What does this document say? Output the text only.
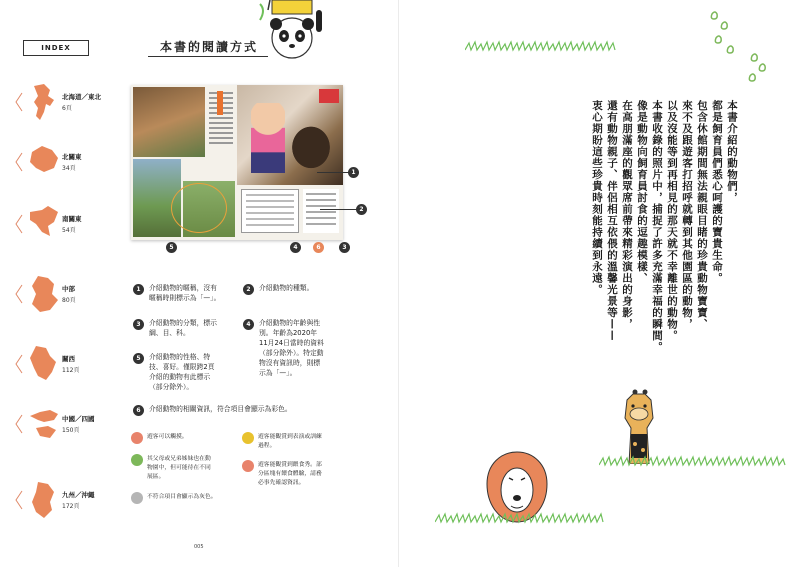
INDEX	本書的閱讀方式
北海道／東北
6頁
北關東
34頁
南關東
54頁
中部
80頁
關西
112頁
中國／四國
150頁
九州／沖繩
172頁
1
2
5	4	6	3
1	介紹動物的暱稱，沒有
暱稱時則標示為「—」。
2	介紹動物的種類。
3	介紹動物的分類，標示
綱、目、科。
4	介紹動物的年齡與性
別。年齡為2020年
11月24日當時的資料
（部分除外）。特定動
物沒有資訊時，則標
示為「—」。
5	介紹動物的性格、特
技、喜好。僅限跨2頁
介紹的動物有此標示
（部分除外）。
6	介紹動物的相關資訊，符合項目會顯示為彩色。
遊客可以觸摸。	遊客能觀賞到表演或訓練
過程。
其父母或兄弟姊妹也在動
物園中，但可能待在不同
展區。
遊客能觀賞到餵食秀。部
分區塊有餵食體驗，請務
必事先確認資訊。
不符合項目會顯示為灰色。
005
本書介紹的動物們，
都是飼育員們悉心呵護的寶貴生命。
包含休館期間無法親眼目睹的珍貴動物寶寶、
來不及跟遊客打招呼就轉到其他園區的動物，
以及沒能等到再相見的那天就不幸離世的動物。
本書收錄的照片中，捕捉了許多充滿幸福的瞬間。
像是動物向飼育員討食的逗趣模樣、
在高朋滿座的觀眾席前帶來精彩演出的身影，
還有動物親子、伴侶相互依偎的溫馨光景等——
衷心期盼這些珍貴時刻能持續到永遠。
